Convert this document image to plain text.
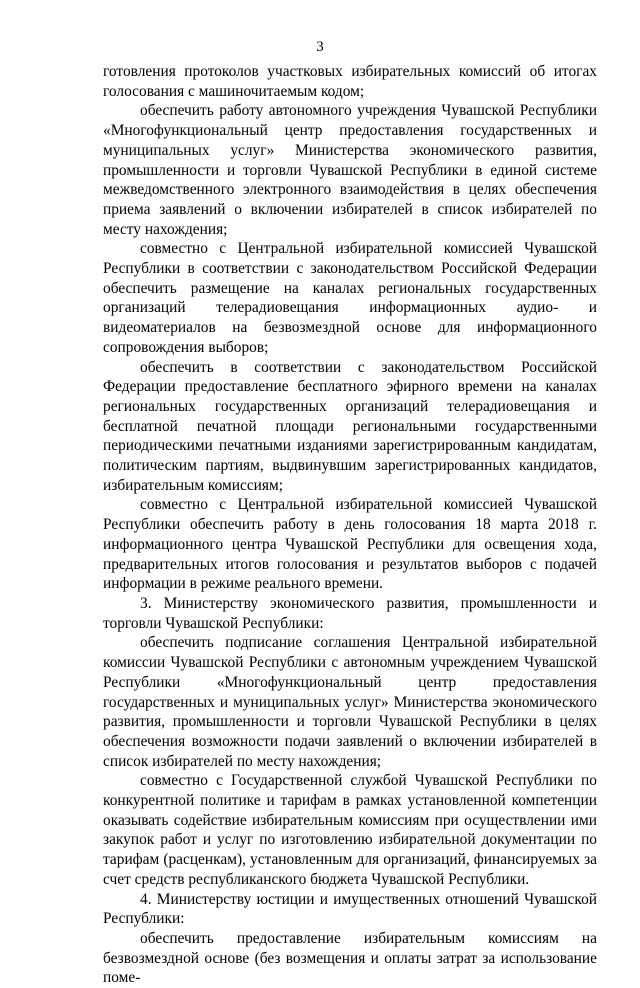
3

готовления протоколов участковых избирательных комиссий об итогах голосования с машиночитаемым кодом;

обеспечить работу автономного учреждения Чувашской Республики «Многофункциональный центр предоставления государственных и муниципальных услуг» Министерства экономического развития, промышленности и торговли Чувашской Республики в единой системе межведомственного электронного взаимодействия в целях обеспечения приема заявлений о включении избирателей в список избирателей по месту нахождения;

совместно с Центральной избирательной комиссией Чувашской Республики в соответствии с законодательством Российской Федерации обеспечить размещение на каналах региональных государственных организаций телерадиовещания информационных аудио- и видеоматериалов на безвозмездной основе для информационного сопровождения выборов;

обеспечить в соответствии с законодательством Российской Федерации предоставление бесплатного эфирного времени на каналах региональных государственных организаций телерадиовещания и бесплатной печатной площади региональными государственными периодическими печатными изданиями зарегистрированным кандидатам, политическим партиям, выдвинувшим зарегистрированных кандидатов, избирательным комиссиям;

совместно с Центральной избирательной комиссией Чувашской Республики обеспечить работу в день голосования 18 марта 2018 г. информационного центра Чувашской Республики для освещения хода, предварительных итогов голосования и результатов выборов с подачей информации в режиме реального времени.

3. Министерству экономического развития, промышленности и торговли Чувашской Республики:

обеспечить подписание соглашения Центральной избирательной комиссии Чувашской Республики с автономным учреждением Чувашской Республики «Многофункциональный центр предоставления государственных и муниципальных услуг» Министерства экономического развития, промышленности и торговли Чувашской Республики в целях обеспечения возможности подачи заявлений о включении избирателей в список избирателей по месту нахождения;

совместно с Государственной службой Чувашской Республики по конкурентной политике и тарифам в рамках установленной компетенции оказывать содействие избирательным комиссиям при осуществлении ими закупок работ и услуг по изготовлению избирательной документации по тарифам (расценкам), установленным для организаций, финансируемых за счет средств республиканского бюджета Чувашской Республики.

4. Министерству юстиции и имущественных отношений Чувашской Республики:

обеспечить предоставление избирательным комиссиям на безвозмездной основе (без возмещения и оплаты затрат за использование поме-
